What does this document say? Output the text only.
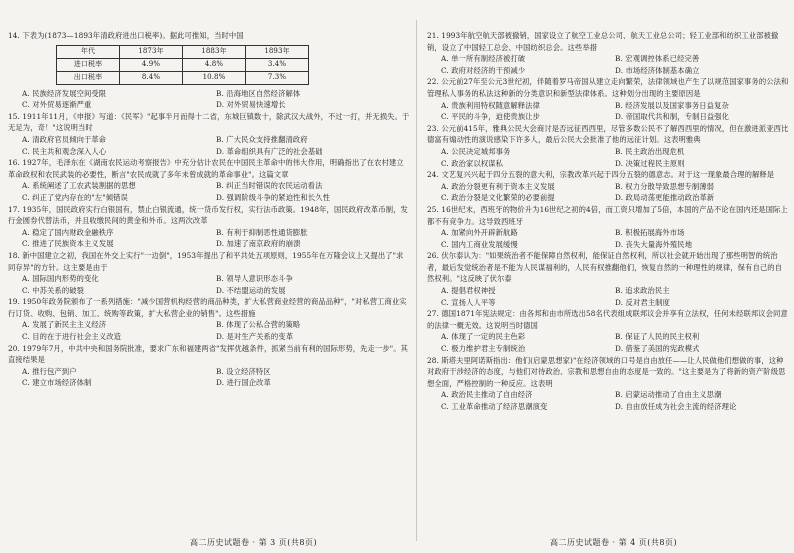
14. 下表为(1873—1893年清政府进出口税率)。据此可推知，当时中国

年代	1873年	1883年	1893年
进口税率	4.9%	4.8%	3.4%
出口税率	8.4%	10.8%	7.3%
A. 民族经济发展空间受限	B. 沿海地区自然经济解体
C. 对外贸易逐渐严重	D. 对外贸易快速增长

15. 1911年11月，《申报》写道：《民军》"起事半月而得十二省，东城巨镇数十，除武汉大战外，不过一打，并无损失。于无足为，奇！"这说明当时

A. 清政府官员倾向于革命	B. 广大民众支持推翻清政府
C. 民主共和观念深入人心	D. 革命组织具有广泛的社会基础

16. 1927年，毛泽东在《湖南农民运动考察报告》中充分估计农民在中国民主革命中的伟大作用，明确指出了在农村建立革命政权和农民武装的必要性，断言"农民成就了多年未曾成就的革命事业"。这篇文章

A. 系统阐述了工农武装割据的思想	B. 纠正当时错误的农民运动看法
C. 纠正了党内存在的"左"倾错误	D. 强调阶级斗争的紧迫性和长久性

17. 1935年，国民政府实行白银国有，禁止白银流通，统一货币发行权，实行法币政策。1948年，国民政府改革币制，发行金圆券代替法币，并且收缴民间的黄金和外币。这两次改革

A. 稳定了国内财政金融秩序	B. 有利于抑制恶性通货膨胀
C. 推进了民族资本主义发展	D. 加速了南京政府的崩溃

18. 新中国建立之初，我国在外交上实行"一边倒"，1953年提出了和平共处五项原则，1955年在万隆会议上又提出了"求同存异"的方针。这主要是由于

A. 国际国内形势的变化	B. 领导人意识形态斗争
C. 中苏关系的破裂	D. 不结盟运动的发展

19. 1950年政务院颁布了一系列措施："减少国营机构经营的商品种类，扩大私营商业经营的商品品种"，"对私营工商业实行订货、收购、包销、加工、统购等政策，扩大私营企业的销售"。这些措施

A. 发展了新民主主义经济	B. 体现了公私合营的策略
C. 目的在于进行社会主义改造	D. 是对生产关系的变革

20. 1979年7月，中共中央和国务院批准，要求广东和福建两省"发挥优越条件，抓紧当前有利的国际形势，先走一步"。其直接结果是

A. 推行包产到户	B. 设立经济特区
C. 建立市场经济体制	D. 进行国企改革

21. 1993年航空航天部被撤销，国家设立了航空工业总公司、航天工业总公司；轻工业部和纺织工业部被撤销，设立了中国轻工总会、中国纺织总会。这些举措

A. 单一所有制经济被打破	B. 宏观调控体系已经完善
C. 政府对经济的干预减少	D. 市场经济体制基本确立

22. 公元前27年至公元3世纪初，伴随着罗马帝国从建立走向繁荣，法律领域也产生了以规范国家事务的公法和管理私人事务的私法这种新的分类意识和新型法律体系。这种划分出现的主要原因是

A. 贵族利用特权随意解释法律	B. 经济发展以及国家事务日益复杂
C. 平民的斗争，迫使贵族让步	D. 帝国取代共和制，专制日益强化

23. 公元前415年，雅典公民大会商讨是否远征西西里，尽管多数公民不了解西西里的情况，但在激进派亚西比德富有煽动性的演说感染下许多人，最后公民大会批准了他的远征计划。这表明雅典

A. 公民决定城邦事务	B. 民主政治出现危机
C. 政治家以权谋私	D. 决策过程民主原则

24. 文艺复兴兴起于四分五裂的意大利，宗教改革兴起于四分五裂的德意志。对于这一现象最合理的解释是

A. 政治分裂更有利于资本主义发展	B. 权力分散导致思想专制薄弱
C. 政治分裂是文化繁荣的必要前提	D. 政局动荡更能推动政治革新

25. 16世纪末，西班牙的物价升为16世纪之初的4倍，而工资只增加了5倍，本国的产品不论在国内还是国际上都不有竞争力。这导致西班牙

A. 加紧向外开辟新航路	B. 积极拓展海外市场
C. 国内工商业发展缓慢	D. 丧失大量海外殖民地

26. 伏尔泰认为："如果统治者不能保障自然权利，能保证自然权利，所以社会就开始出现了那些明智的统治者，最后发觉统治者是不能为人民谋福利的，人民有权推翻他们，恢复自然的一种理性的规律，保有自己的自然权利。"这反映了伏尔泰

A. 提倡君权神授	B. 追求政治民主
C. 宣扬人人平等	D. 反对君主制度

27. 德国1871年宪法规定：由各邦和由市所选出58名代表组成联邦议会并享有立法权，任何未经联邦议会同意的法律一概无效。这说明当时德国

A. 体现了一定的民主色彩	B. 保证了人民的民主权利
C. 极力维护君主专制统治	D. 借鉴了美国的宪政模式

28. 斯塔夫里阿诺斯指出：他们(启蒙思想家)"在经济领域的口号是自由放任——让人民做他们想做的事，这种对政府干涉经济的态度，与他们对待政治、宗教和思想自由的态度是一致的。"这主要是为了将新的资产阶级思想全面，严格控制的一种反应。这表明

A. 政治民主推动了自由经济	B. 启蒙运动推动了自由主义思潮
C. 工业革命推动了经济思潮演变	D. 自由放任成为社会主流的经济理论
高二历史试题卷 · 第 3 页(共8页)	高二历史试题卷 · 第 4 页(共8页)
